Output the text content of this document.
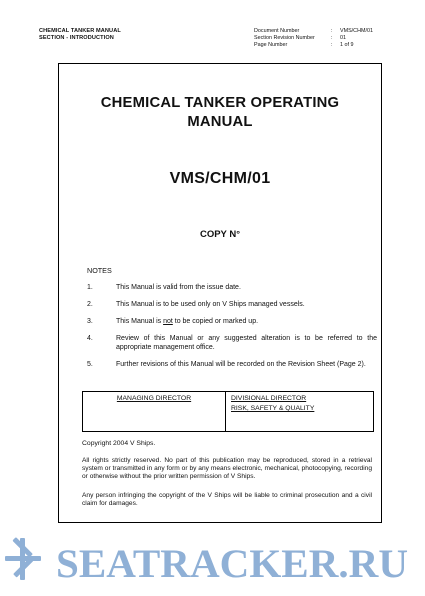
CHEMICAL TANKER MANUAL
SECTION - INTRODUCTION
Document Number	:	VMS/CHM/01
Section Revision Number	:	01
Page Number	:	1 of 9
CHEMICAL TANKER OPERATING
MANUAL
VMS/CHM/01
COPY N°
NOTES
1.	This Manual is valid from the issue date.
2.	This Manual is to be used only on V Ships managed vessels.
3.	This Manual is not to be copied or marked up.
4.	Review of this Manual or any suggested alteration is to be referred to the appropriate management office.
5.	Further revisions of this Manual will be recorded on the Revision Sheet (Page 2).
MANAGING DIRECTOR	DIVISIONAL DIRECTOR
RISK, SAFETY & QUALITY
Copyright 2004 V Ships.
All rights strictly reserved. No part of this publication may be reproduced, stored in a retrieval system or transmitted in any form or by any means electronic, mechanical, photocopying, recording or otherwise without the prior written permission of V Ships.
Any person infringing the copyright of the V Ships will be liable to criminal prosecution and a civil claim for damages.
SEATRACKER.RU
